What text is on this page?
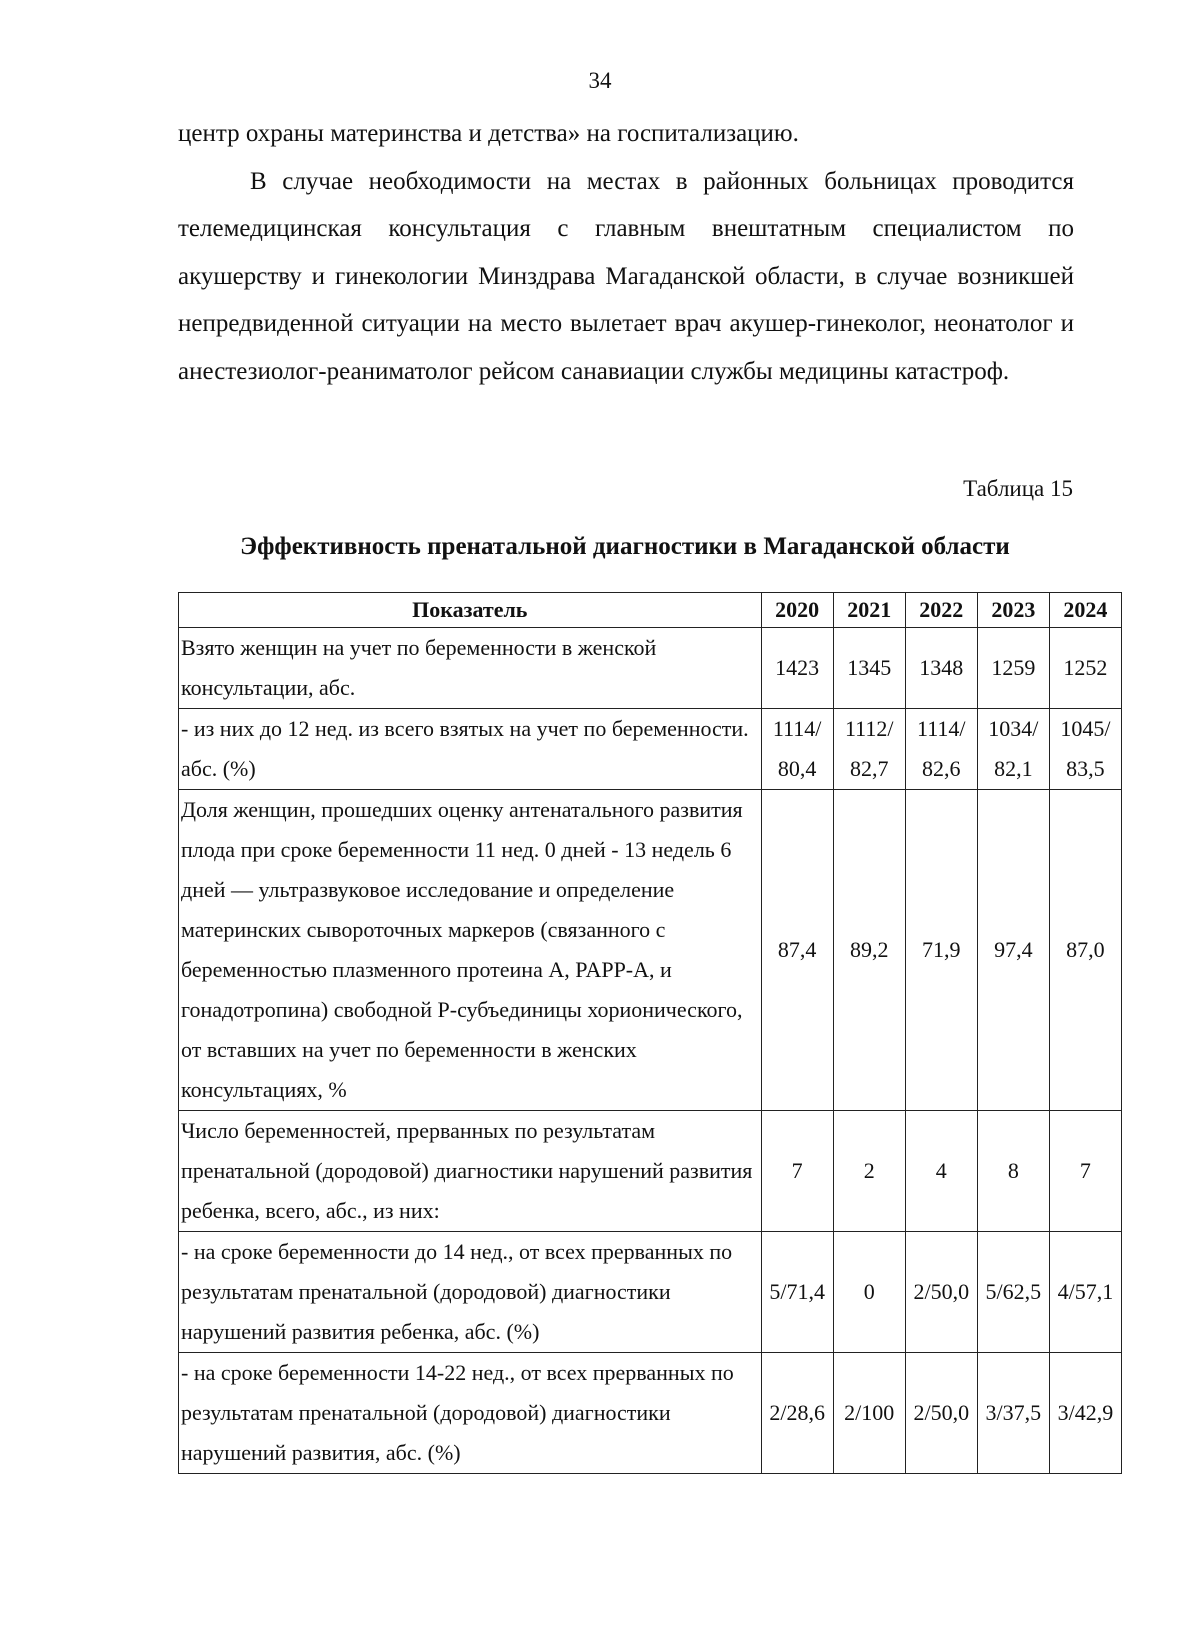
34

центр охраны материнства и детства» на госпитализацию.

В случае необходимости на местах в районных больницах проводится телемедицинская консультация с главным внештатным специалистом по акушерству и гинекологии Минздрава Магаданской области, в случае возникшей непредвиденной ситуации на место вылетает врач акушер-гинеколог, неонатолог и анестезиолог-реаниматолог рейсом санавиации службы медицины катастроф.

Таблица 15
Эффективность пренатальной диагностики в Магаданской области
Показатель	2020	2021	2022	2023	2024
Взято женщин на учет по беременности в женской консультации, абс.	1423	1345	1348	1259	1252
- из них до 12 нед. из всего взятых на учет по беременности. абс. (%)	1114/ 80,4	1112/ 82,7	1114/ 82,6	1034/ 82,1	1045/ 83,5
Доля женщин, прошедших оценку антенатального развития плода при сроке беременности 11 нед. 0 дней - 13 недель 6 дней — ультразвуковое исследование и определение материнских сывороточных маркеров (связанного с беременностью плазменного протеина А, PAPP-A, и гонадотропина) свободной Р-субъединицы хорионического, от вставших на учет по беременности в женских консультациях, %	87,4	89,2	71,9	97,4	87,0
Число беременностей, прерванных по результатам пренатальной (дородовой) диагностики нарушений развития ребенка, всего, абс., из них:	7	2	4	8	7
- на сроке беременности до 14 нед., от всех прерванных по результатам пренатальной (дородовой) диагностики нарушений развития ребенка, абс. (%)	5/71,4	0	2/50,0	5/62,5	4/57,1
- на сроке беременности 14-22 нед., от всех прерванных по результатам пренатальной (дородовой) диагностики нарушений развития, абс. (%)	2/28,6	2/100	2/50,0	3/37,5	3/42,9
